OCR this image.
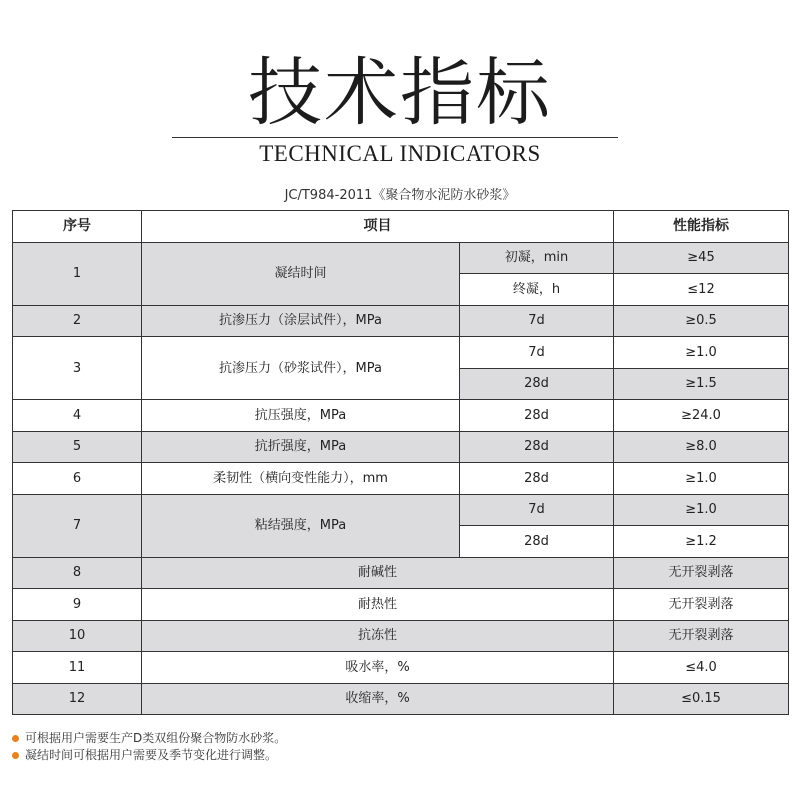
技术指标
TECHNICAL INDICATORS
JC/T984-2011《聚合物水泥防水砂浆》
序号	项目		性能指标
1	凝结时间	初凝，min	≥45
		终凝，h	≤12
2	抗渗压力（涂层试件），MPa	7d	≥0.5
3	抗渗压力（砂浆试件），MPa	7d	≥1.0
		28d	≥1.5
4	抗压强度，MPa	28d	≥24.0
5	抗折强度，MPa	28d	≥8.0
6	柔韧性（横向变性能力），mm	28d	≥1.0
7	粘结强度，MPa	7d	≥1.0
		28d	≥1.2
8	耐碱性		无开裂剥落
9	耐热性		无开裂剥落
10	抗冻性		无开裂剥落
11	吸水率，%		≤4.0
12	收缩率，%		≤0.15
可根据用户需要生产D类双组份聚合物防水砂浆。
凝结时间可根据用户需要及季节变化进行调整。
